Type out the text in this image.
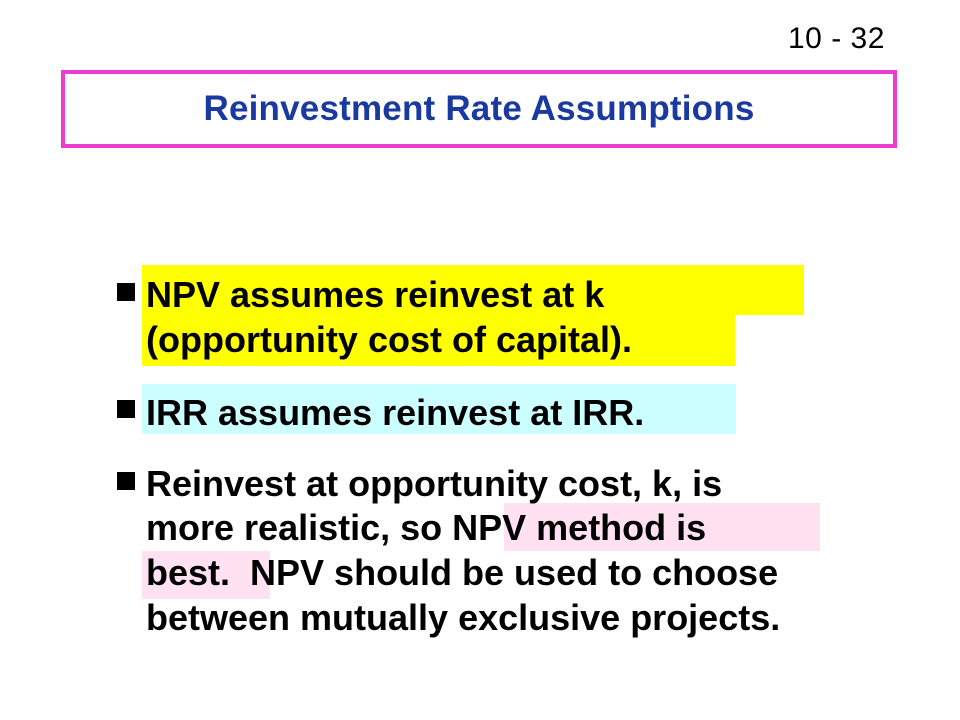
10 - 32
Reinvestment Rate Assumptions
NPV assumes reinvest at k
(opportunity cost of capital).
IRR assumes reinvest at IRR.
Reinvest at opportunity cost, k, is
more realistic, so NPV method is
best.  NPV should be used to choose
between mutually exclusive projects.
